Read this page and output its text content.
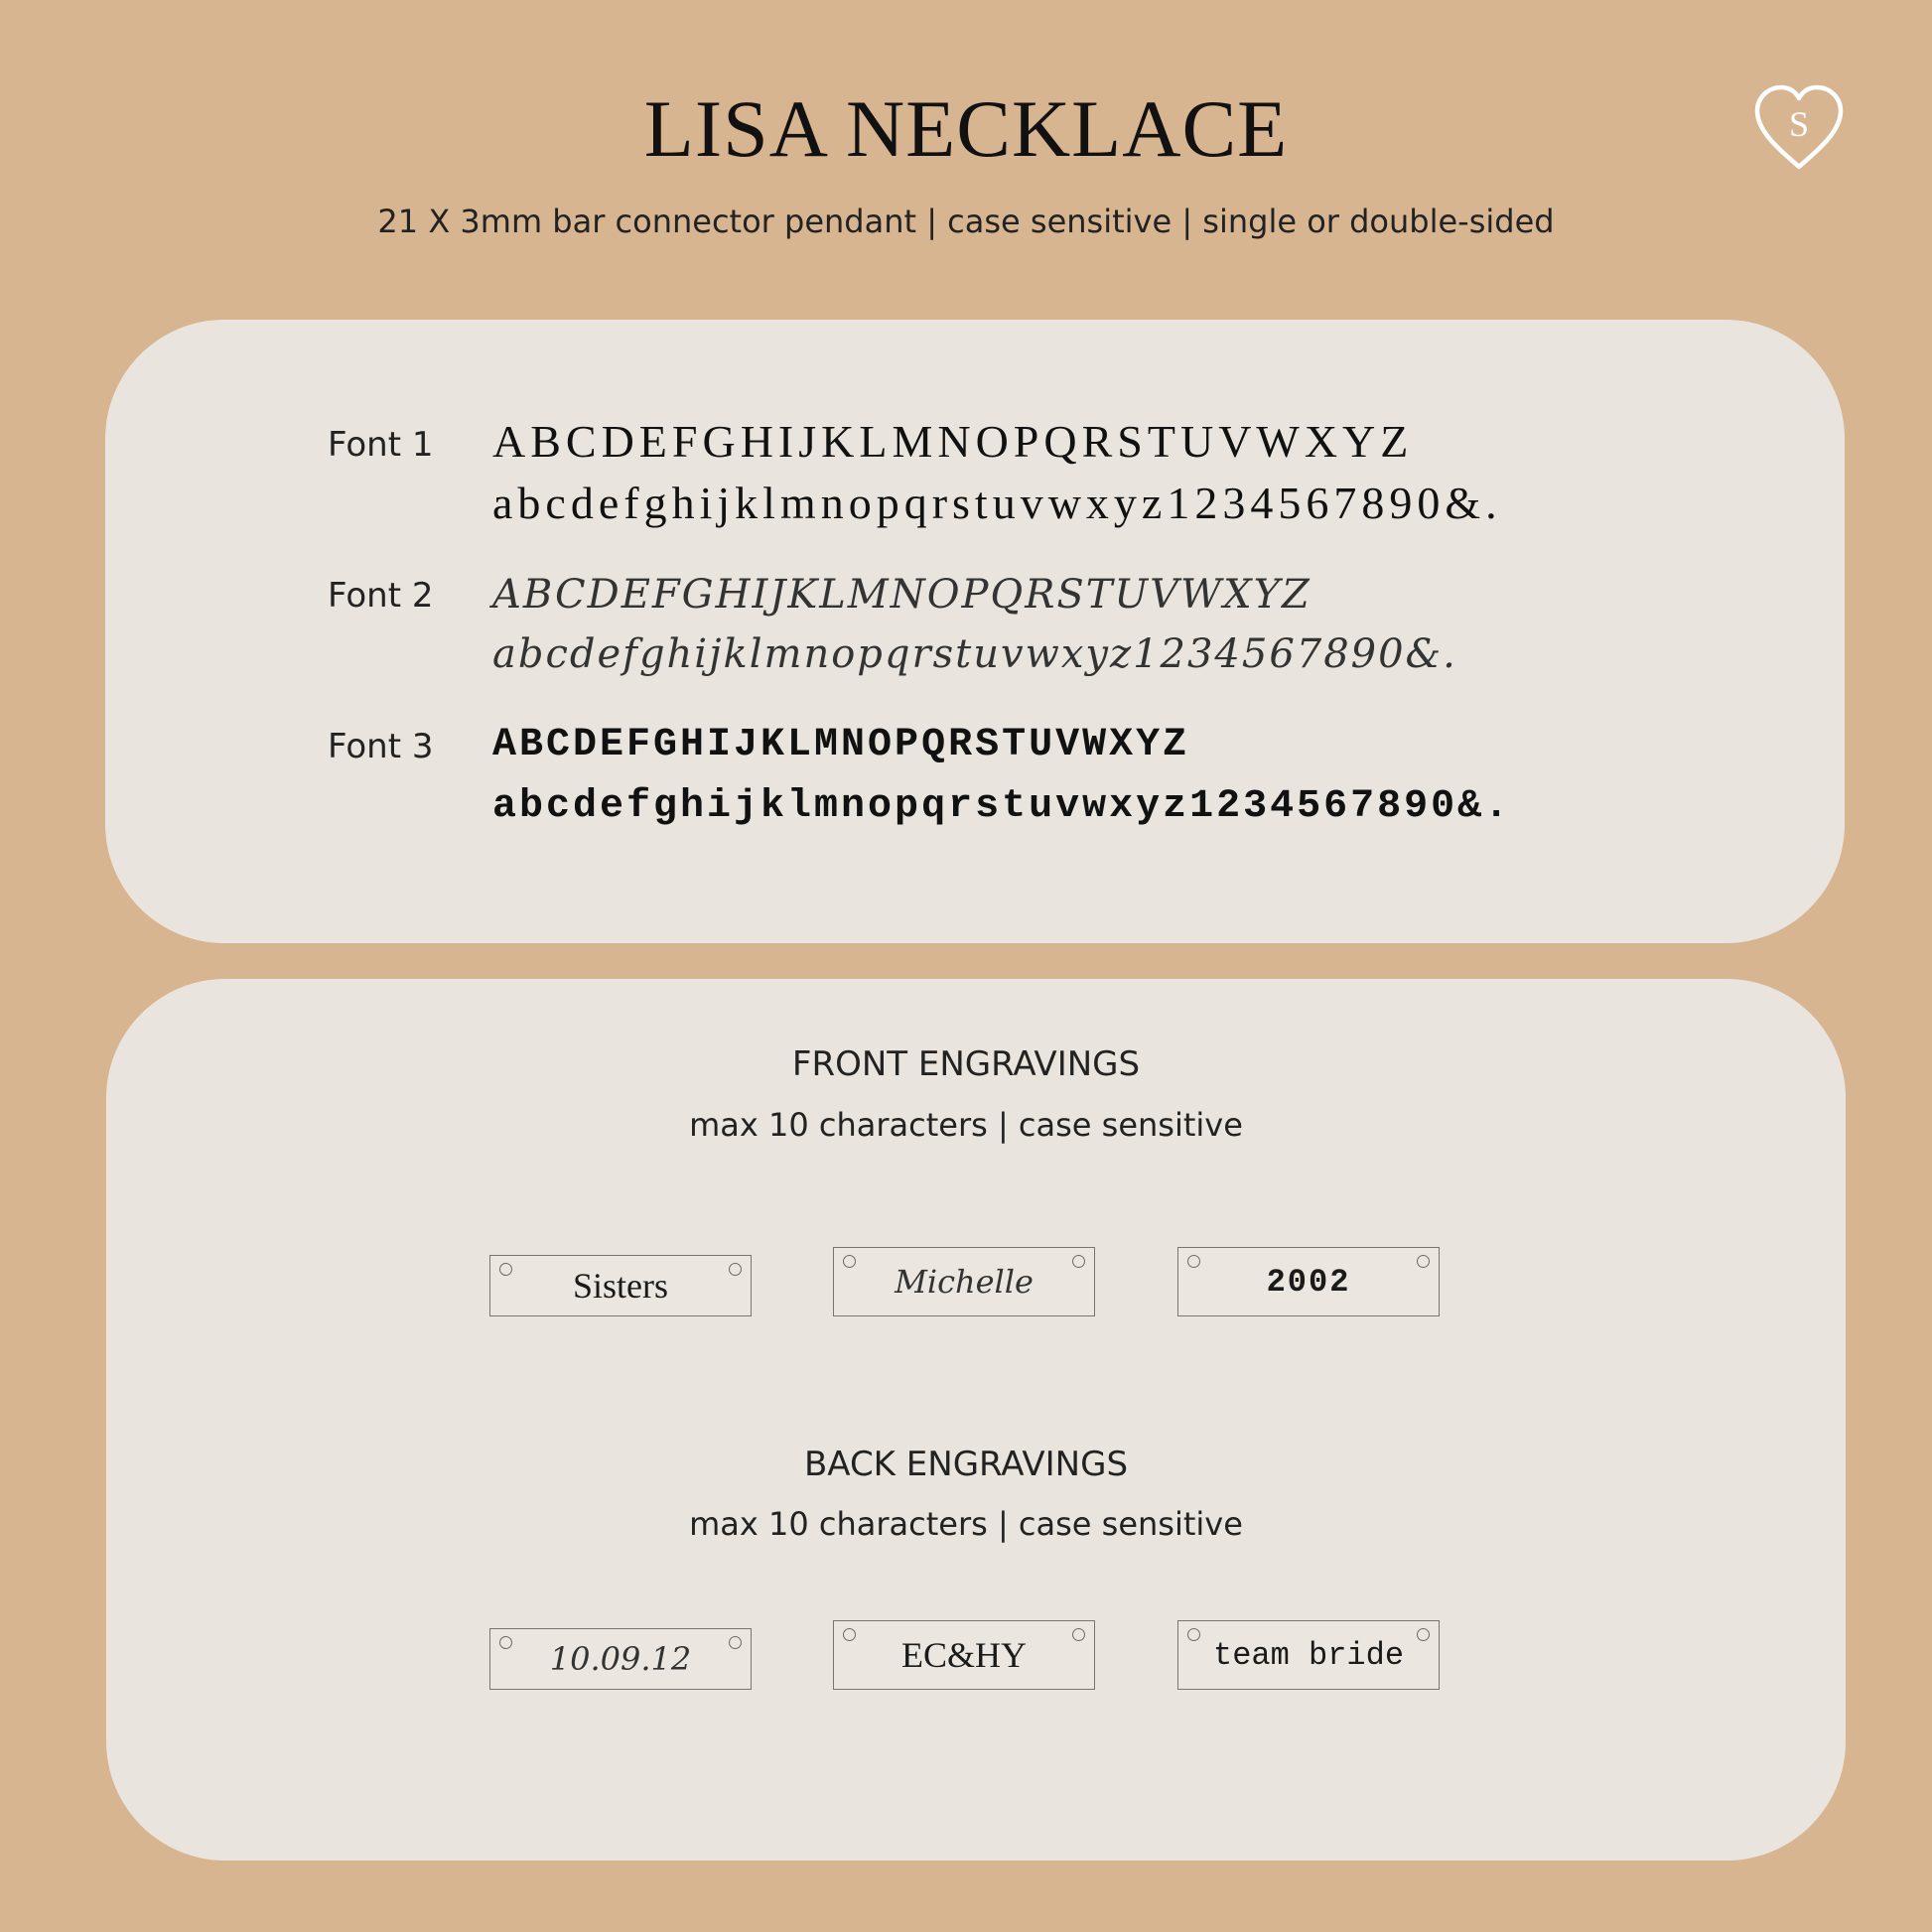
LISA NECKLACE
21 X 3mm bar connector pendant | case sensitive | single or double-sided
S
Font 1 ABCDEFGHIJKLMNOPQRSTUVWXYZ
abcdefghijklmnopqrstuvwxyz1234567890&.
Font 2 ABCDEFGHIJKLMNOPQRSTUVWXYZ
abcdefghijklmnopqrstuvwxyz1234567890&.
Font 3 ABCDEFGHIJKLMNOPQRSTUVWXYZ
abcdefghijklmnopqrstuvwxyz1234567890&.
FRONT ENGRAVINGS
max 10 characters | case sensitive
Sisters	Michelle	2002
BACK ENGRAVINGS
max 10 characters | case sensitive
10.09.12	EC&HY	team bride
